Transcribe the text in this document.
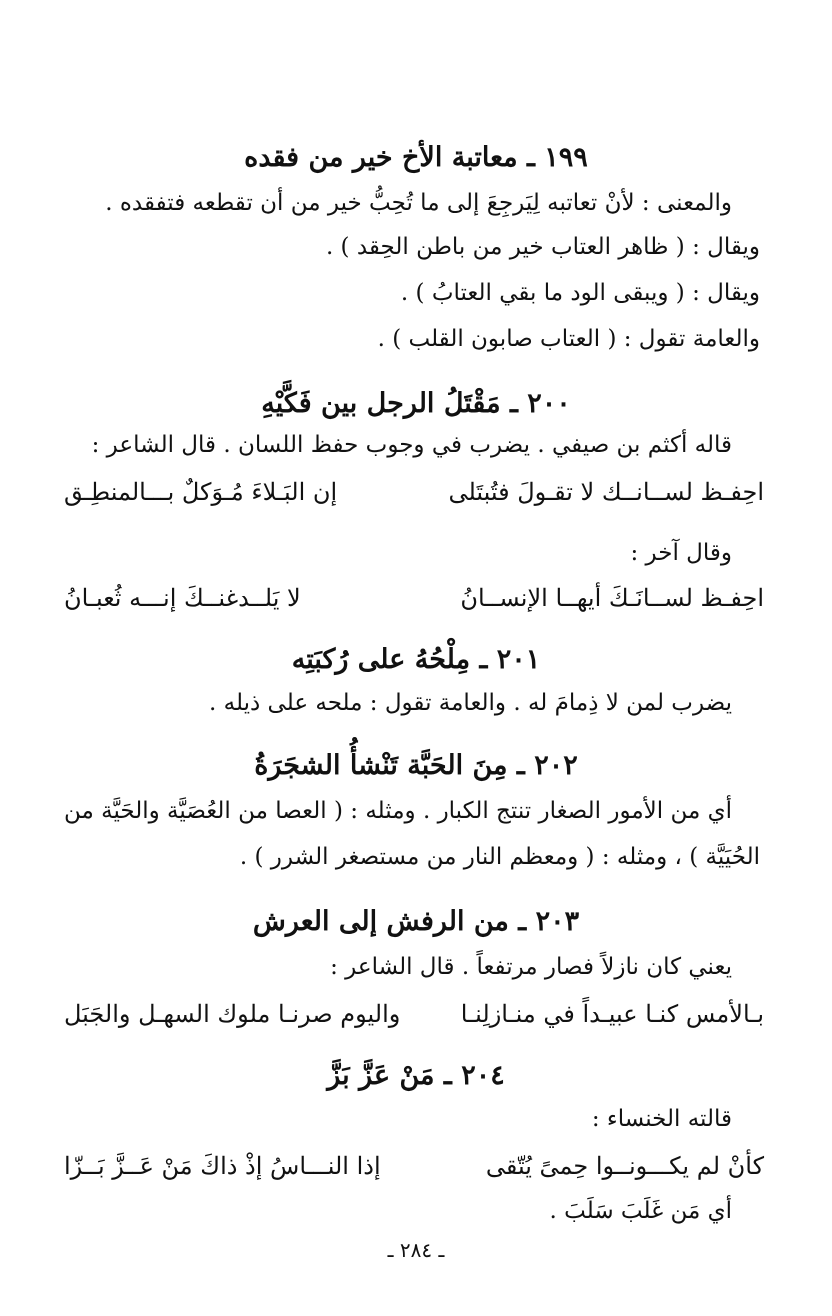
١٩٩ ـ معاتبة الأخ خير من فقده
والمعنى : لأنْ تعاتبه لِيَرجِعَ إلى ما تُحِبُّ خير من أن تقطعه فتفقده .
ويقال : ( ظاهر العتاب خير من باطن الحِقد ) .
ويقال : ( ويبقى الود ما بقي العتابُ ) .
والعامة تقول : ( العتاب صابون القلب ) .
٢٠٠ ـ مَقْتَلُ الرجل بين فَكَّيْهِ
قاله أكثم بن صيفي . يضرب في وجوب حفظ اللسان . قال الشاعر :
احِفـظ لســانــك لا تقـولَ فتُبتَلى
إن البَـلاءَ مُـوَكلٌ بـــالمنطِـق
وقال آخر :
احِفـظ لســانَـكَ أيهــا الإنســانُ
لا يَلــدغنــكَ إنـــه ثُعبـانُ
٢٠١ ـ مِلْحُهُ على رُكبَتِه
يضرب لمن لا ذِمامَ له . والعامة تقول : ملحه على ذيله .
٢٠٢ ـ مِنَ الحَبَّة تَنْشأُ الشجَرَةُ
أي من الأمور الصغار تنتج الكبار . ومثله : ( العصا من العُصَيَّة والحَيَّة من
الحُيَيَّة ) ، ومثله : ( ومعظم النار من مستصغر الشرر ) .
٢٠٣ ـ من الرفش إلى العرش
يعني كان نازلاً فصار مرتفعاً . قال الشاعر :
بـالأمس كنـا عبيـداً في منـازلِنـا
واليوم صرنـا ملوك السهـل والجَبَل
٢٠٤ ـ مَنْ عَزَّ بَزَّ
قالته الخنساء :
كأنْ لم يكـــونــوا حِمىً يُتّقى
إذا النـــاسُ إذْ ذاكَ مَنْ عَــزَّ بَــزّا
أي مَن غَلَبَ سَلَبَ .
ـ ٢٨٤ ـ
